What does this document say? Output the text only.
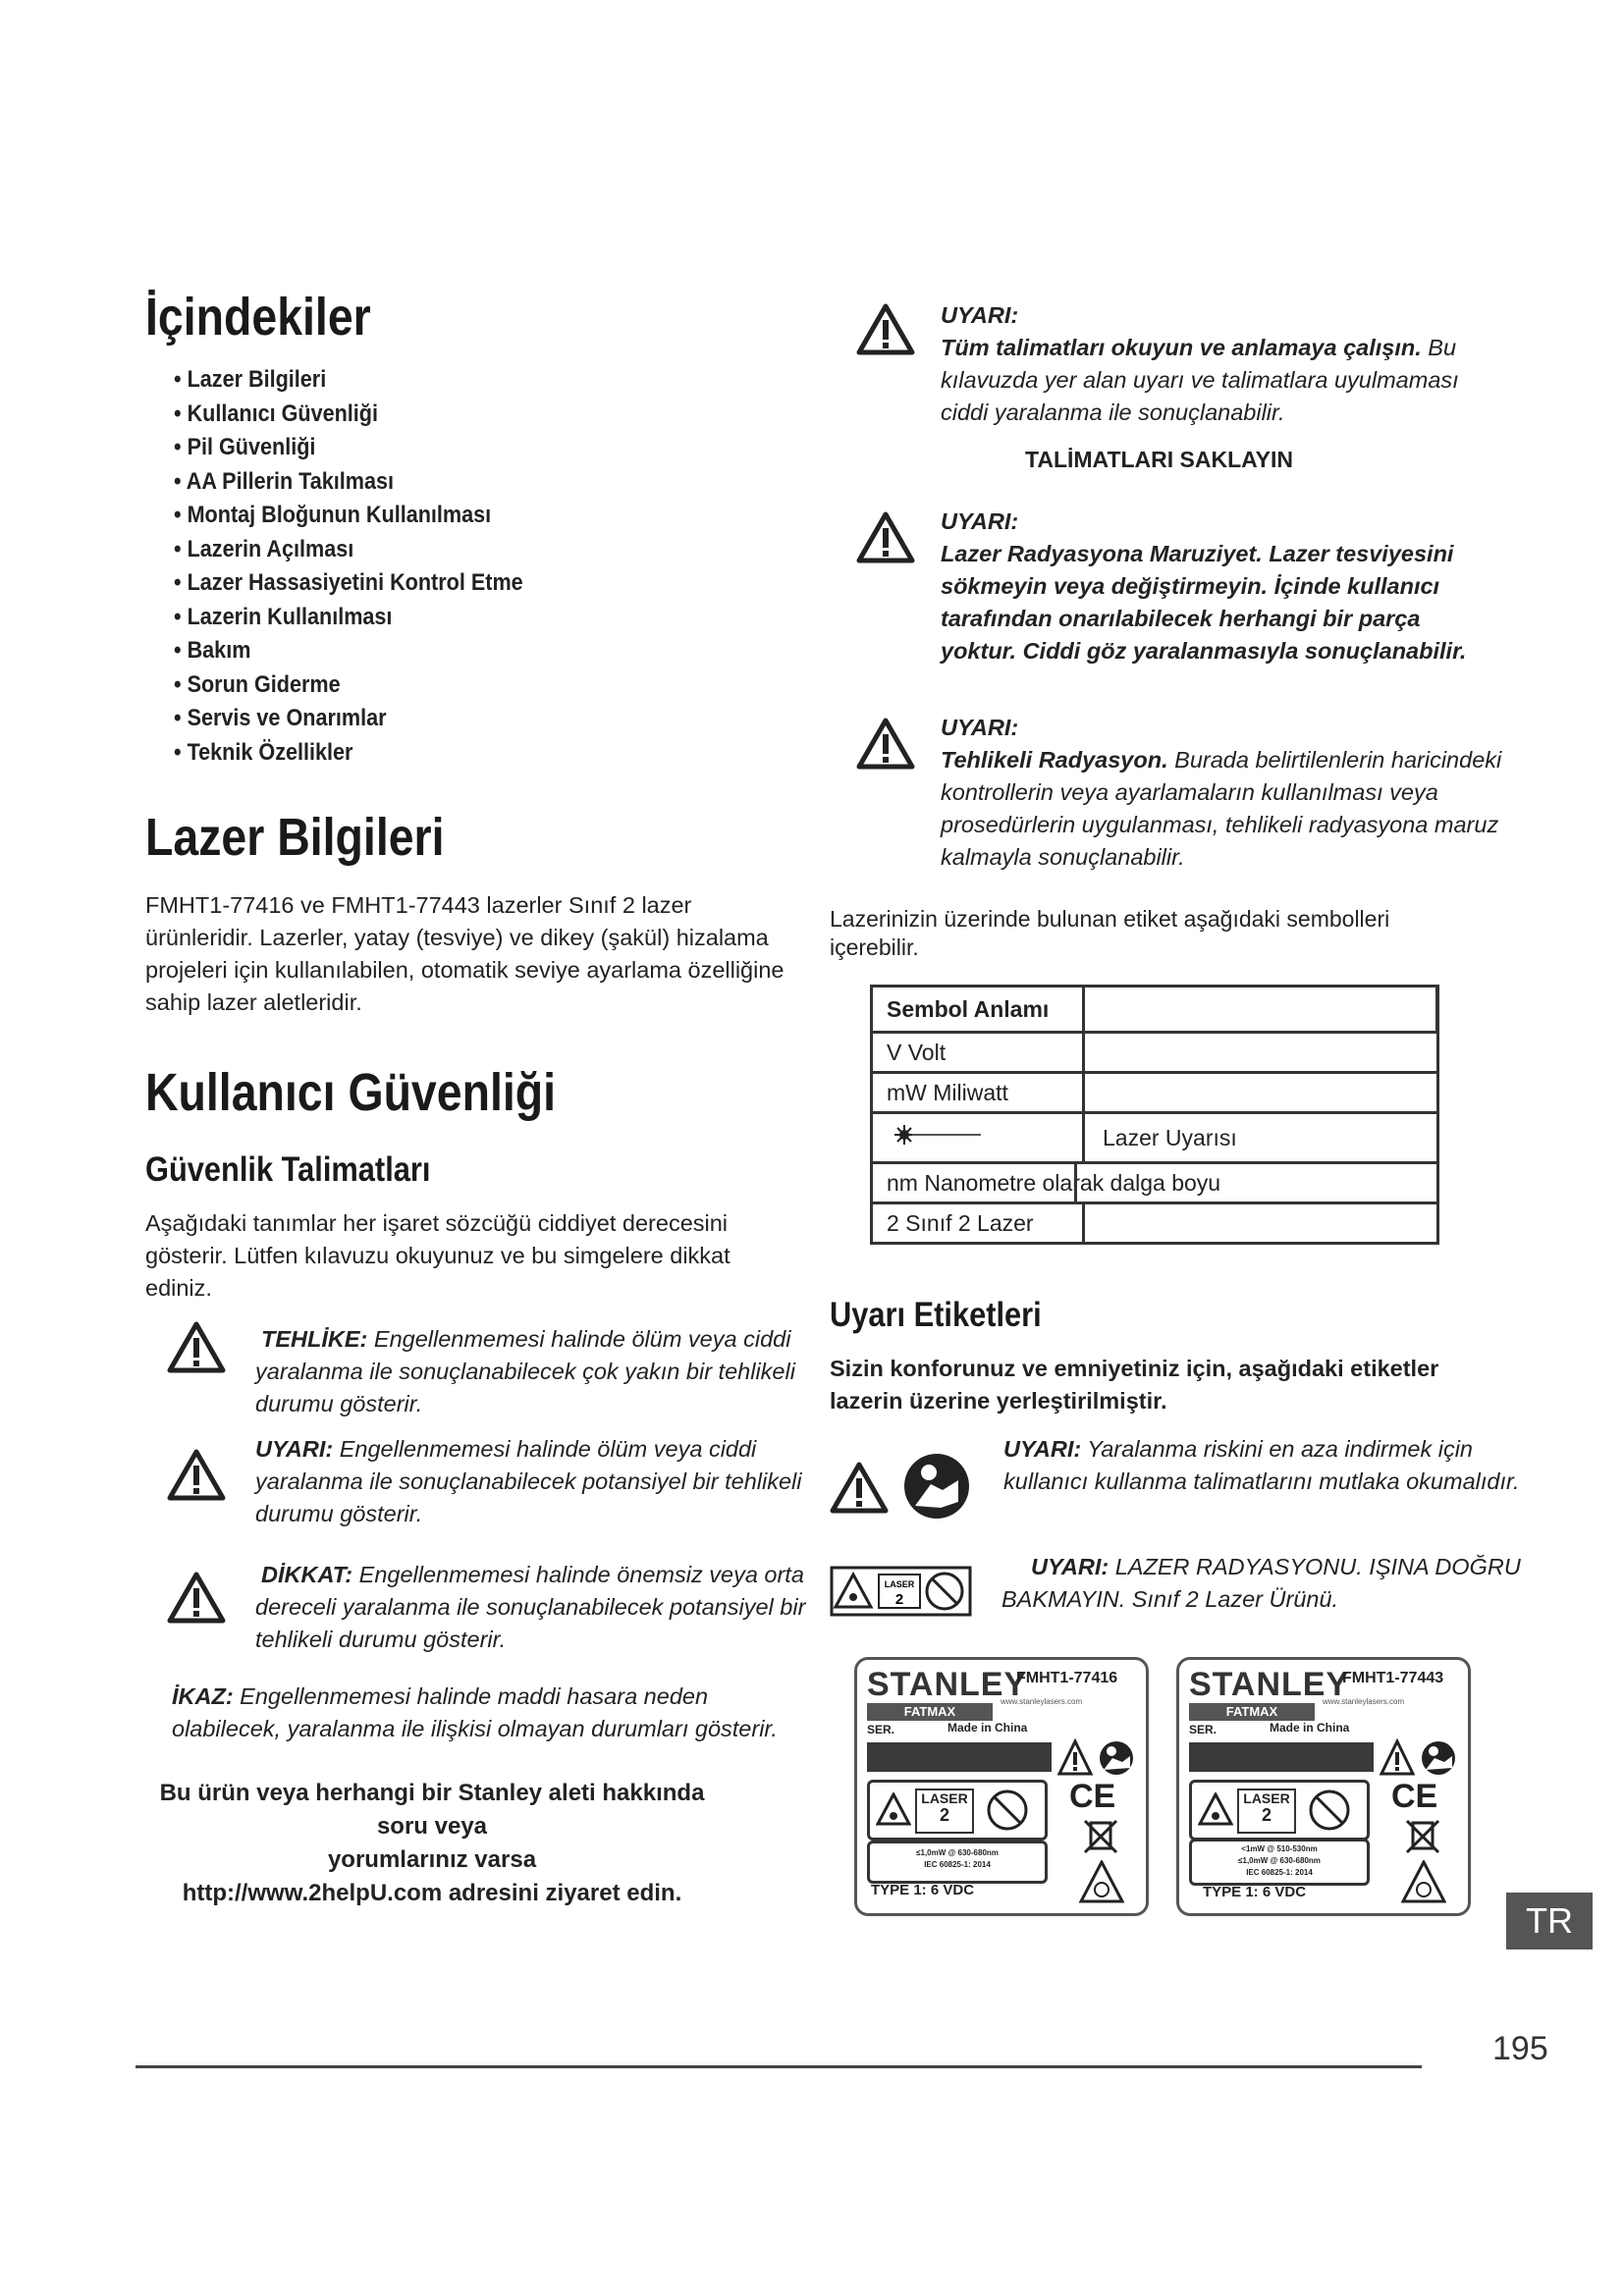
İçindekiler
• Lazer Bilgileri
• Kullanıcı Güvenliği
• Pil Güvenliği
• AA Pillerin Takılması
• Montaj Bloğunun Kullanılması
• Lazerin Açılması
• Lazer Hassasiyetini Kontrol Etme
• Lazerin Kullanılması
• Bakım
• Sorun Giderme
• Servis ve Onarımlar
• Teknik Özellikler
Lazer Bilgileri
FMHT1-77416 ve FMHT1-77443 lazerler Sınıf 2 lazer ürünleridir. Lazerler, yatay (tesviye) ve dikey (şakül) hizalama projeleri için kullanılabilen, otomatik seviye ayarlama özelliğine sahip lazer aletleridir.
Kullanıcı Güvenliği
Güvenlik Talimatları
Aşağıdaki tanımlar her işaret sözcüğü ciddiyet derecesini gösterir. Lütfen kılavuzu okuyunuz ve bu simgelere dikkat ediniz.
TEHLİKE: Engellenmemesi halinde ölüm veya ciddi yaralanma ile sonuçlanabilecek çok yakın bir tehlikeli durumu gösterir.
UYARI: Engellenmemesi halinde ölüm veya ciddi yaralanma ile sonuçlanabilecek potansiyel bir tehlikeli durumu gösterir.
DİKKAT: Engellenmemesi halinde önemsiz veya orta dereceli yaralanma ile sonuçlanabilecek potansiyel bir tehlikeli durumu gösterir.
İKAZ: Engellenmemesi halinde maddi hasara neden olabilecek, yaralanma ile ilişkisi olmayan durumları gösterir.
Bu ürün veya herhangi bir Stanley aleti hakkında soru veya
yorumlarınız varsa
http://www.2helpU.com adresini ziyaret edin.
UYARI:
Tüm talimatları okuyun ve anlamaya çalışın. Bu kılavuzda yer alan uyarı ve talimatlara uyulmaması ciddi yaralanma ile sonuçlanabilir.
TALİMATLARI SAKLAYIN
UYARI:
Lazer Radyasyona Maruziyet. Lazer tesviyesini sökmeyin veya değiştirmeyin. İçinde kullanıcı tarafından onarılabilecek herhangi bir parça yoktur. Ciddi göz yaralanmasıyla sonuçlanabilir.
UYARI:
Tehlikeli Radyasyon. Burada belirtilenlerin haricindeki kontrollerin veya ayarlamaların kullanılması veya prosedürlerin uygulanması, tehlikeli radyasyona maruz kalmayla sonuçlanabilir.
Lazerinizin üzerinde bulunan etiket aşağıdaki sembolleri içerebilir.
Sembol Anlamı	
V Volt	
mW Miliwatt	
	Lazer Uyarısı
nm Nanometre olarak dalga boyu	

2 Sınıf 2 Lazer	
Uyarı Etiketleri
Sizin konforunuz ve emniyetiniz için, aşağıdaki etiketler lazerin üzerine yerleştirilmiştir.
UYARI: Yaralanma riskini en aza indirmek için kullanıcı kullanma talimatlarını mutlaka okumalıdır.
LASER
2
UYARI: LAZER RADYASYONU. IŞINA DOĞRU BAKMAYIN. Sınıf 2 Lazer Ürünü.
STANLEY
FMHT1-77416
FATMAX
www.stanleylasers.com
SER.	Made in China
LASER
2	CE
≤1,0mW @ 630-680nm
IEC 60825-1: 2014
TYPE 1: 6 VDC
STANLEY
FMHT1-77443
FATMAX
www.stanleylasers.com
SER.	Made in China
LASER
2	CE
<1mW @ 510-530nm
≤1,0mW @ 630-680nm
IEC 60825-1: 2014
TYPE 1: 6 VDC
TR
195
